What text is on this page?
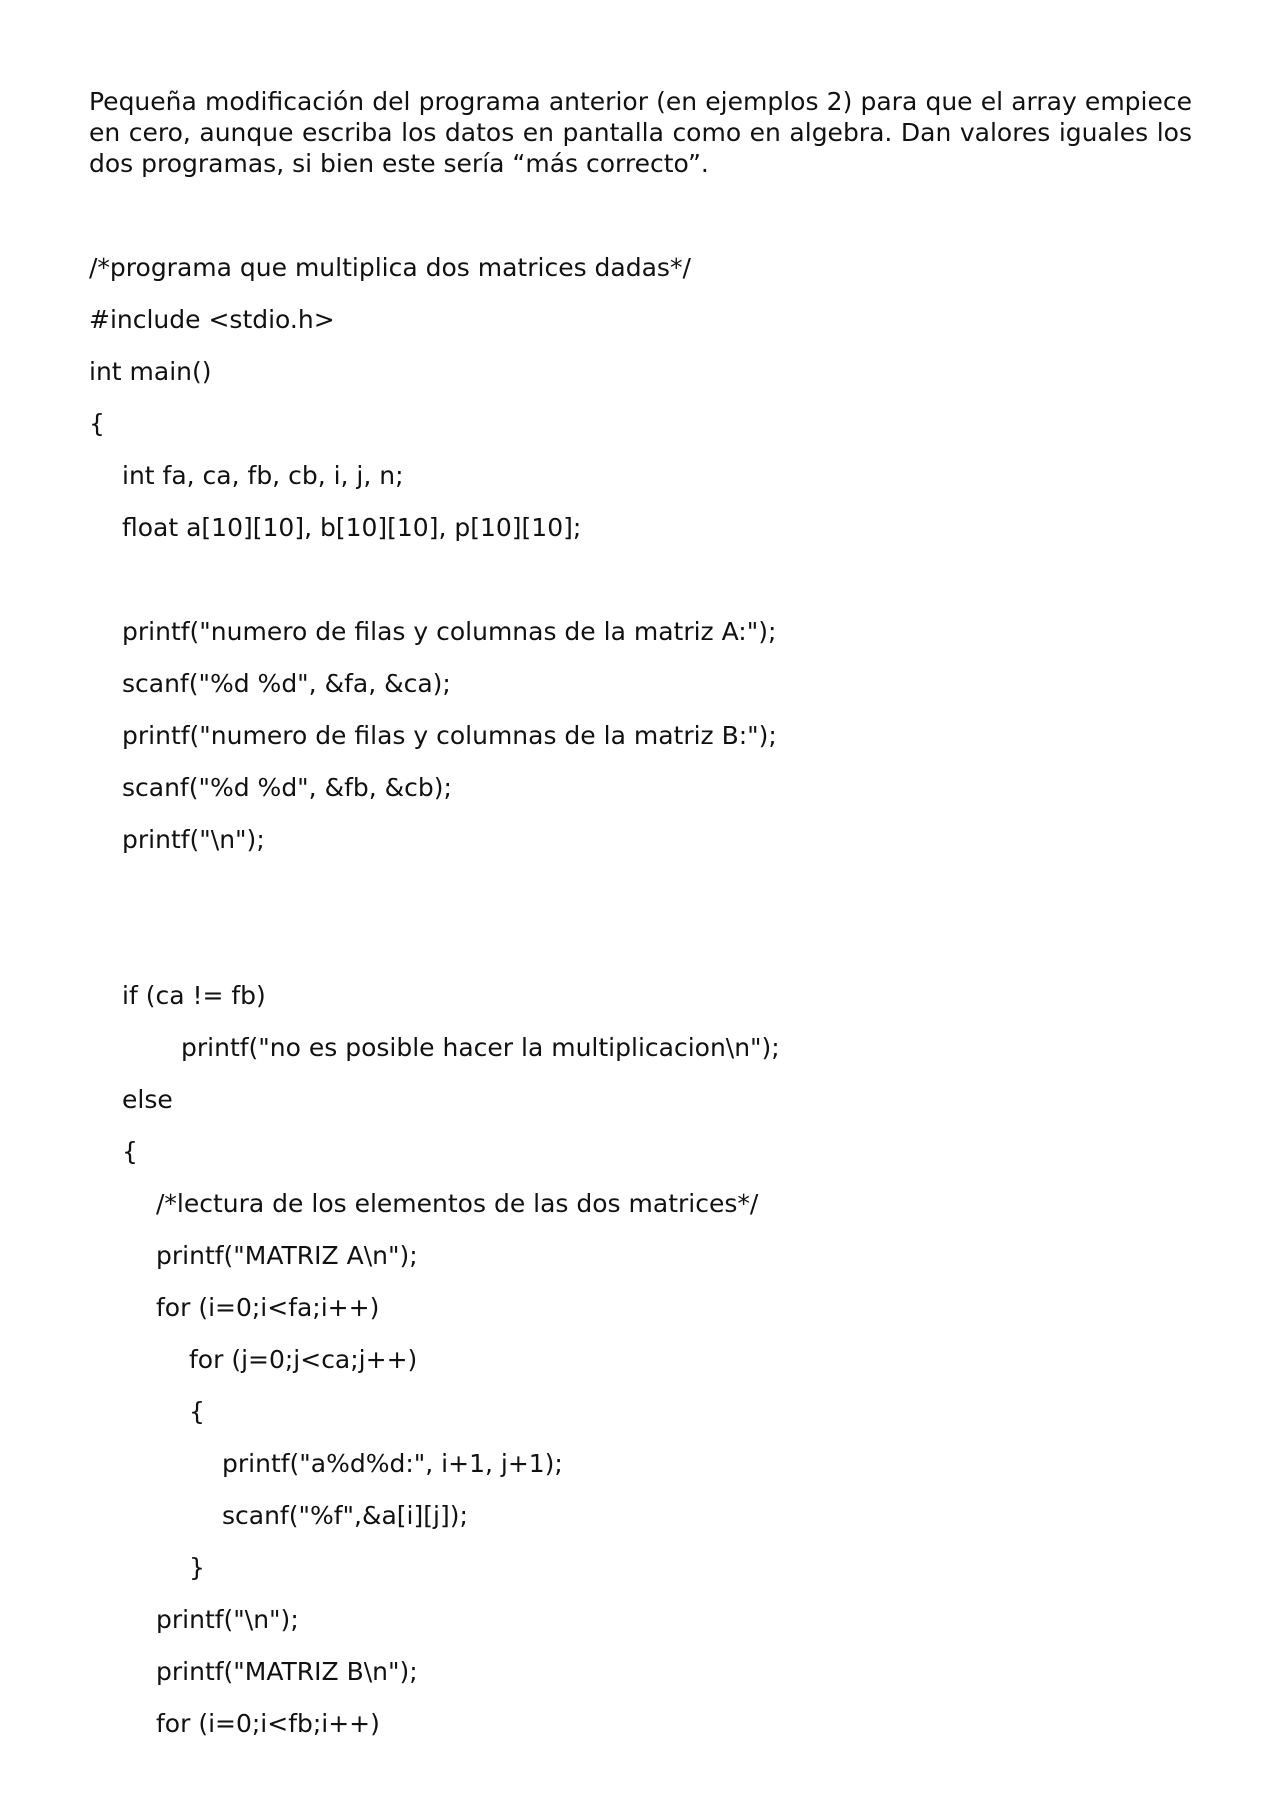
Pequeña modificación del programa anterior (en ejemplos 2) para que el array empiece en cero, aunque escriba los datos en pantalla como en algebra. Dan valores iguales los dos programas, si bien este sería “más correcto”.

/*programa que multiplica dos matrices dadas*/
#include <stdio.h>
int main()
{
int fa, ca, fb, cb, i, j, n;
float a[10][10], b[10][10], p[10][10];
printf("numero de filas y columnas de la matriz A:");
scanf("%d %d", &fa, &ca);
printf("numero de filas y columnas de la matriz B:");
scanf("%d %d", &fb, &cb);
printf("\n");
if (ca != fb)
printf("no es posible hacer la multiplicacion\n");
else
{
/*lectura de los elementos de las dos matrices*/
printf("MATRIZ A\n");
for (i=0;i<fa;i++)
for (j=0;j<ca;j++)
{
printf("a%d%d:", i+1, j+1);
scanf("%f",&a[i][j]);
}
printf("\n");
printf("MATRIZ B\n");
for (i=0;i<fb;i++)
